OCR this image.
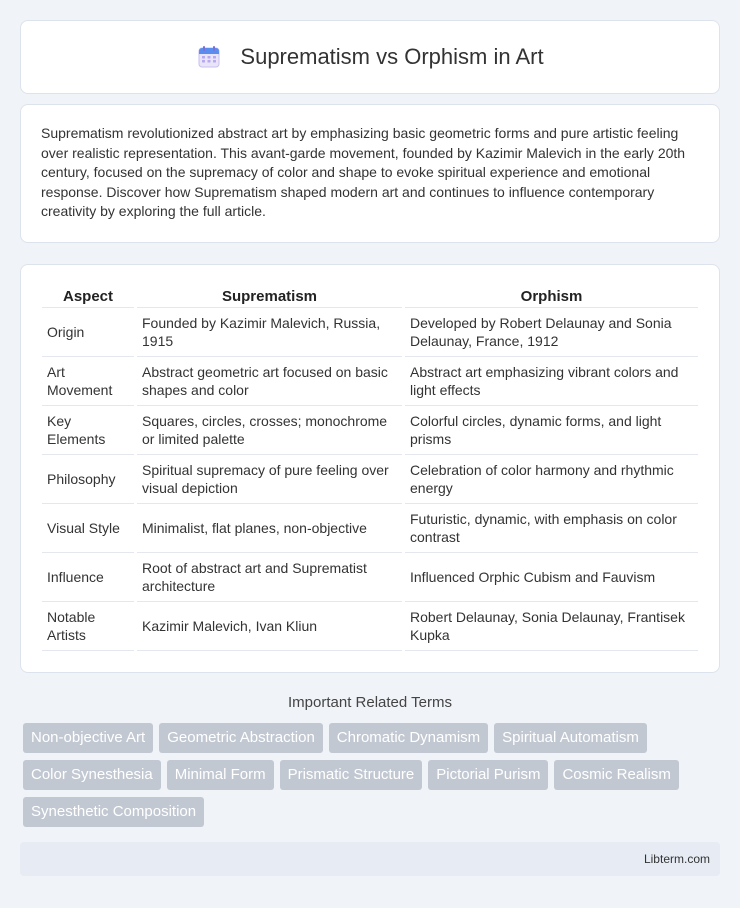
Suprematism vs Orphism in Art

Suprematism revolutionized abstract art by emphasizing basic geometric forms and pure artistic feeling over realistic representation. This avant-garde movement, founded by Kazimir Malevich in the early 20th century, focused on the supremacy of color and shape to evoke spiritual experience and emotional response. Discover how Suprematism shaped modern art and continues to influence contemporary creativity by exploring the full article.

Aspect	Suprematism	Orphism
Origin	Founded by Kazimir Malevich, Russia, 1915	Developed by Robert Delaunay and Sonia Delaunay, France, 1912
Art Movement	Abstract geometric art focused on basic shapes and color	Abstract art emphasizing vibrant colors and light effects
Key Elements	Squares, circles, crosses; monochrome or limited palette	Colorful circles, dynamic forms, and light prisms
Philosophy	Spiritual supremacy of pure feeling over visual depiction	Celebration of color harmony and rhythmic energy
Visual Style	Minimalist, flat planes, non-objective	Futuristic, dynamic, with emphasis on color contrast
Influence	Root of abstract art and Suprematist architecture	Influenced Orphic Cubism and Fauvism
Notable Artists	Kazimir Malevich, Ivan Kliun	Robert Delaunay, Sonia Delaunay, Frantisek Kupka
Important Related Terms
Non-objective Art	Geometric Abstraction	Chromatic Dynamism	Spiritual Automatism
Color Synesthesia	Minimal Form	Prismatic Structure	Pictorial Purism	Cosmic Realism
Synesthetic Composition
Libterm.com
